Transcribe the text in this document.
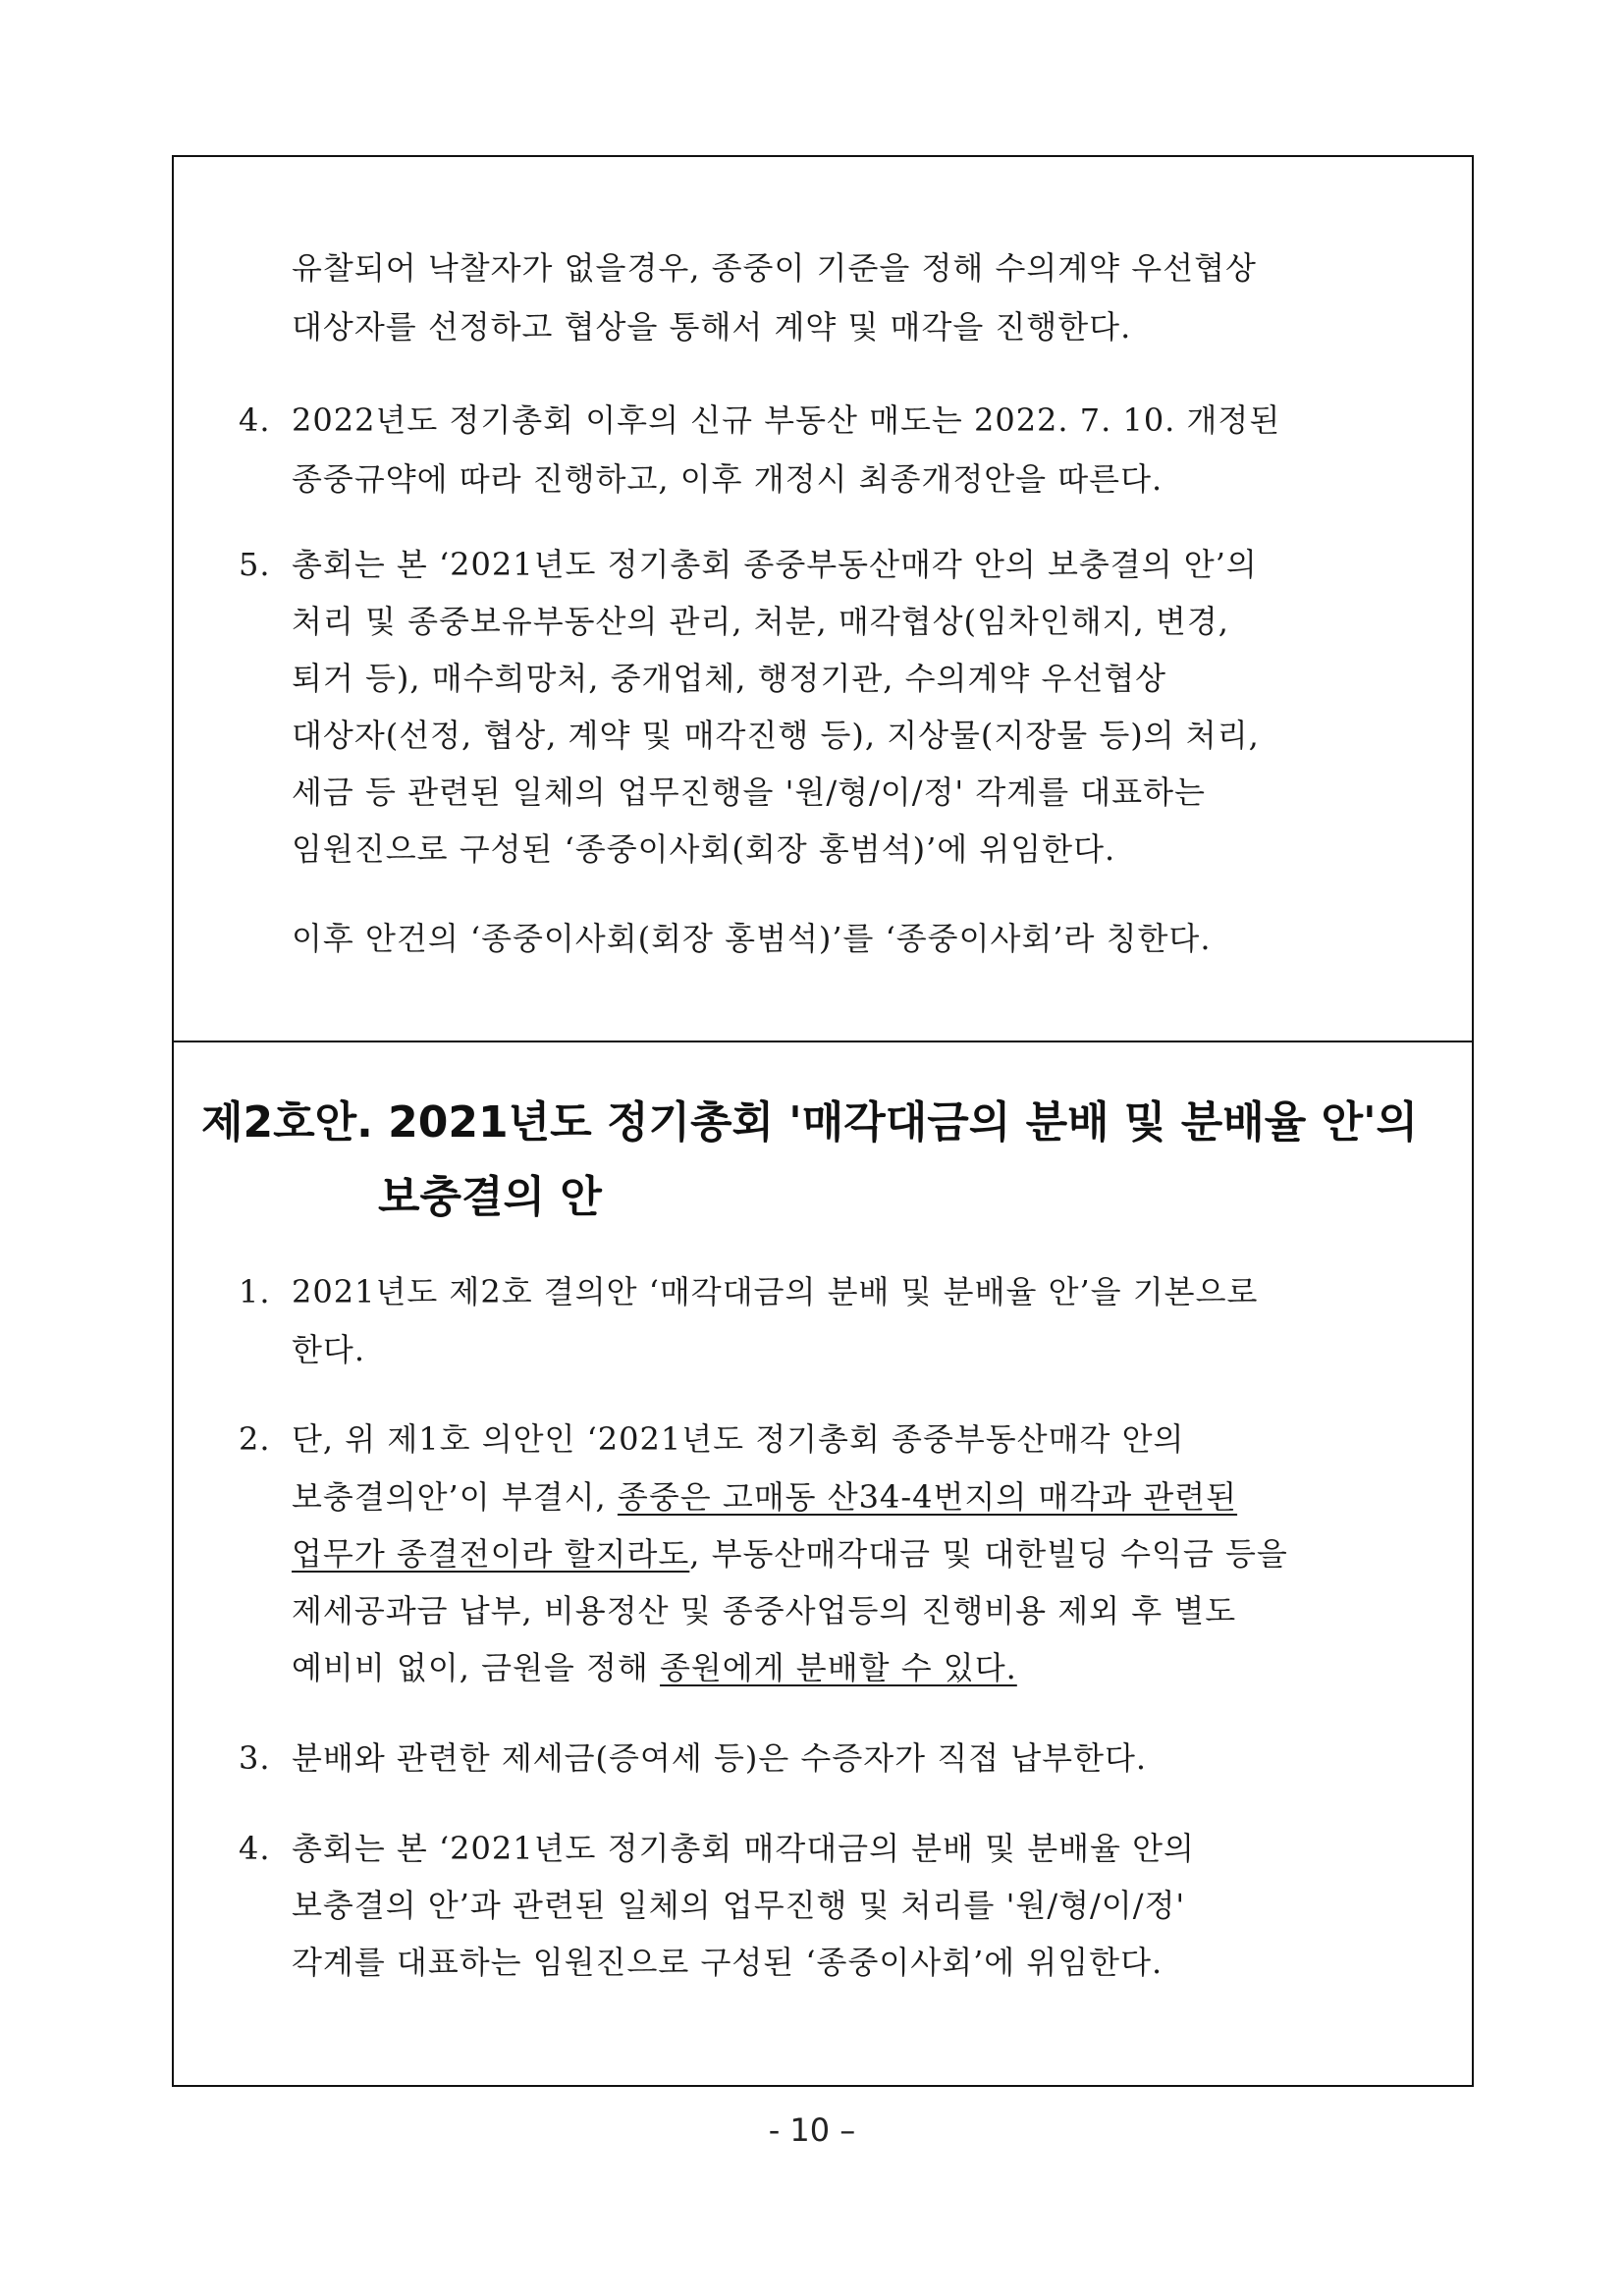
유찰되어 낙찰자가 없을경우, 종중이 기준을 정해 수의계약 우선협상
대상자를 선정하고 협상을 통해서 계약 및 매각을 진행한다.
4. 2022년도 정기총회 이후의 신규 부동산 매도는 2022. 7. 10. 개정된
종중규약에 따라 진행하고, 이후 개정시 최종개정안을 따른다.
5. 총회는 본 ‘2021년도 정기총회 종중부동산매각 안의 보충결의 안’의
처리 및 종중보유부동산의 관리, 처분, 매각협상(임차인해지, 변경,
퇴거 등), 매수희망처, 중개업체, 행정기관, 수의계약 우선협상
대상자(선정, 협상, 계약 및 매각진행 등), 지상물(지장물 등)의 처리,
세금 등 관련된 일체의 업무진행을 '원/형/이/정' 각계를 대표하는
임원진으로 구성된 ‘종중이사회(회장 홍범석)’에 위임한다.
이후 안건의 ‘종중이사회(회장 홍범석)’를 ‘종중이사회’라 칭한다.
제2호안. 2021년도 정기총회 '매각대금의 분배 및 분배율 안'의
보충결의 안
1. 2021년도 제2호 결의안 ‘매각대금의 분배 및 분배율 안’을 기본으로
한다.
2. 단, 위 제1호 의안인 ‘2021년도 정기총회 종중부동산매각 안의
보충결의안’이 부결시, 종중은 고매동 산34-4번지의 매각과 관련된
업무가 종결전이라 할지라도, 부동산매각대금 및 대한빌딩 수익금 등을
제세공과금 납부, 비용정산 및 종중사업등의 진행비용 제외 후 별도
예비비 없이, 금원을 정해 종원에게 분배할 수 있다.
3. 분배와 관련한 제세금(증여세 등)은 수증자가 직접 납부한다.
4. 총회는 본 ‘2021년도 정기총회 매각대금의 분배 및 분배율 안의
보충결의 안’과 관련된 일체의 업무진행 및 처리를 '원/형/이/정'
각계를 대표하는 임원진으로 구성된 ‘종중이사회’에 위임한다.
- 10 –
